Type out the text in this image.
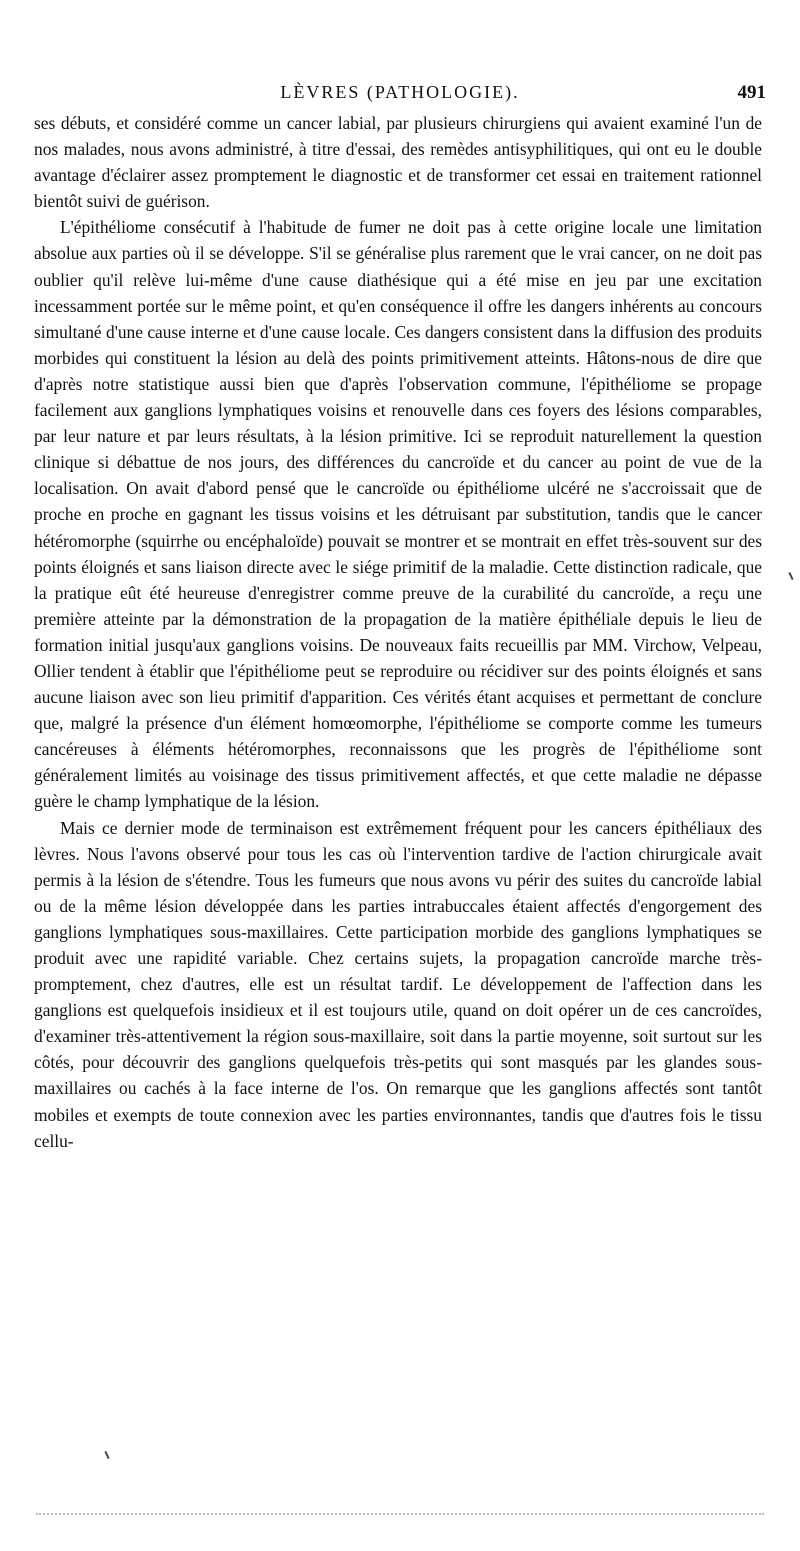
LÈVRES (PATHOLOGIE).	491

ses débuts, et considéré comme un cancer labial, par plusieurs chirurgiens qui avaient examiné l'un de nos malades, nous avons administré, à titre d'essai, des remèdes antisyphilitiques, qui ont eu le double avantage d'éclairer assez promptement le diagnostic et de transformer cet essai en traitement rationnel bientôt suivi de guérison.

L'épithéliome consécutif à l'habitude de fumer ne doit pas à cette origine locale une limitation absolue aux parties où il se développe. S'il se généralise plus rarement que le vrai cancer, on ne doit pas oublier qu'il relève lui-même d'une cause diathésique qui a été mise en jeu par une excitation incessamment portée sur le même point, et qu'en conséquence il offre les dangers inhérents au concours simultané d'une cause interne et d'une cause locale. Ces dangers consistent dans la diffusion des produits morbides qui constituent la lésion au delà des points primitivement atteints. Hâtons-nous de dire que d'après notre statistique aussi bien que d'après l'observation commune, l'épithéliome se propage facilement aux ganglions lymphatiques voisins et renouvelle dans ces foyers des lésions comparables, par leur nature et par leurs résultats, à la lésion primitive. Ici se reproduit naturellement la question clinique si débattue de nos jours, des différences du cancroïde et du cancer au point de vue de la localisation. On avait d'abord pensé que le cancroïde ou épithéliome ulcéré ne s'accroissait que de proche en proche en gagnant les tissus voisins et les détruisant par substitution, tandis que le cancer hétéromorphe (squirrhe ou encéphaloïde) pouvait se montrer et se montrait en effet très-souvent sur des points éloignés et sans liaison directe avec le siége primitif de la maladie. Cette distinction radicale, que la pratique eût été heureuse d'enregistrer comme preuve de la curabilité du cancroïde, a reçu une première atteinte par la démonstration de la propagation de la matière épithéliale depuis le lieu de formation initial jusqu'aux ganglions voisins. De nouveaux faits recueillis par MM. Virchow, Velpeau, Ollier tendent à établir que l'épithéliome peut se reproduire ou récidiver sur des points éloignés et sans aucune liaison avec son lieu primitif d'apparition. Ces vérités étant acquises et permettant de conclure que, malgré la présence d'un élément homœomorphe, l'épithéliome se comporte comme les tumeurs cancéreuses à éléments hétéromorphes, reconnaissons que les progrès de l'épithéliome sont généralement limités au voisinage des tissus primitivement affectés, et que cette maladie ne dépasse guère le champ lymphatique de la lésion.

Mais ce dernier mode de terminaison est extrêmement fréquent pour les cancers épithéliaux des lèvres. Nous l'avons observé pour tous les cas où l'intervention tardive de l'action chirurgicale avait permis à la lésion de s'étendre. Tous les fumeurs que nous avons vu périr des suites du cancroïde labial ou de la même lésion développée dans les parties intrabuccales étaient affectés d'engorgement des ganglions lymphatiques sous-maxillaires. Cette participation morbide des ganglions lymphatiques se produit avec une rapidité variable. Chez certains sujets, la propagation cancroïde marche très-promptement, chez d'autres, elle est un résultat tardif. Le développement de l'affection dans les ganglions est quelquefois insidieux et il est toujours utile, quand on doit opérer un de ces cancroïdes, d'examiner très-attentivement la région sous-maxillaire, soit dans la partie moyenne, soit surtout sur les côtés, pour découvrir des ganglions quelquefois très-petits qui sont masqués par les glandes sous-maxillaires ou cachés à la face interne de l'os. On remarque que les ganglions affectés sont tantôt mobiles et exempts de toute connexion avec les parties environnantes, tandis que d'autres fois le tissu cellu-
